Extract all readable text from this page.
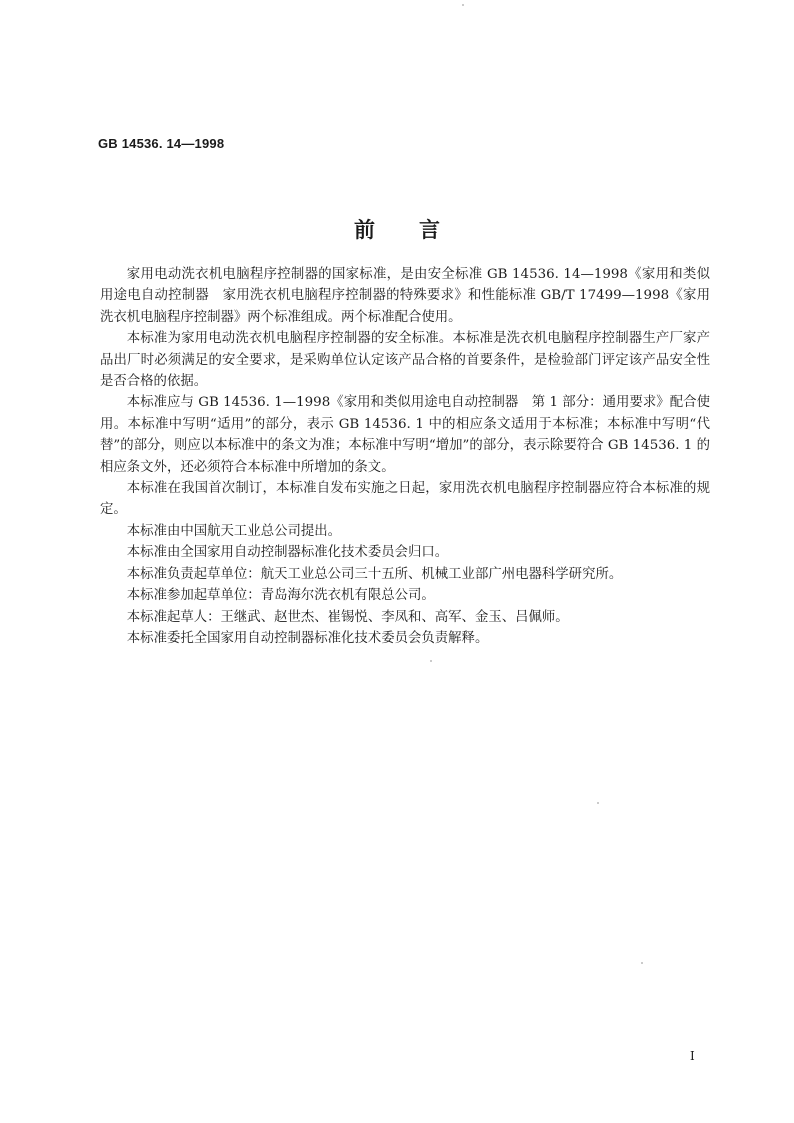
GB 14536. 14—1998
前言

家用电动洗衣机电脑程序控制器的国家标准，是由安全标准 GB 14536. 14—1998《家用和类似用途电自动控制器　家用洗衣机电脑程序控制器的特殊要求》和性能标准 GB/T 17499—1998《家用洗衣机电脑程序控制器》两个标准组成。两个标准配合使用。

本标准为家用电动洗衣机电脑程序控制器的安全标准。本标准是洗衣机电脑程序控制器生产厂家产品出厂时必须满足的安全要求，是采购单位认定该产品合格的首要条件，是检验部门评定该产品安全性是否合格的依据。

本标准应与 GB 14536. 1—1998《家用和类似用途电自动控制器　第 1 部分：通用要求》配合使用。本标准中写明“适用”的部分，表示 GB 14536. 1 中的相应条文适用于本标准；本标准中写明“代替”的部分，则应以本标准中的条文为准；本标准中写明“增加”的部分，表示除要符合 GB 14536. 1 的相应条文外，还必须符合本标准中所增加的条文。

本标准在我国首次制订，本标准自发布实施之日起，家用洗衣机电脑程序控制器应符合本标准的规定。

本标准由中国航天工业总公司提出。

本标准由全国家用自动控制器标准化技术委员会归口。

本标准负责起草单位：航天工业总公司三十五所、机械工业部广州电器科学研究所。

本标准参加起草单位：青岛海尔洗衣机有限总公司。

本标准起草人：王继武、赵世杰、崔锡悦、李凤和、高军、金玉、吕佩师。

本标准委托全国家用自动控制器标准化技术委员会负责解释。

I
